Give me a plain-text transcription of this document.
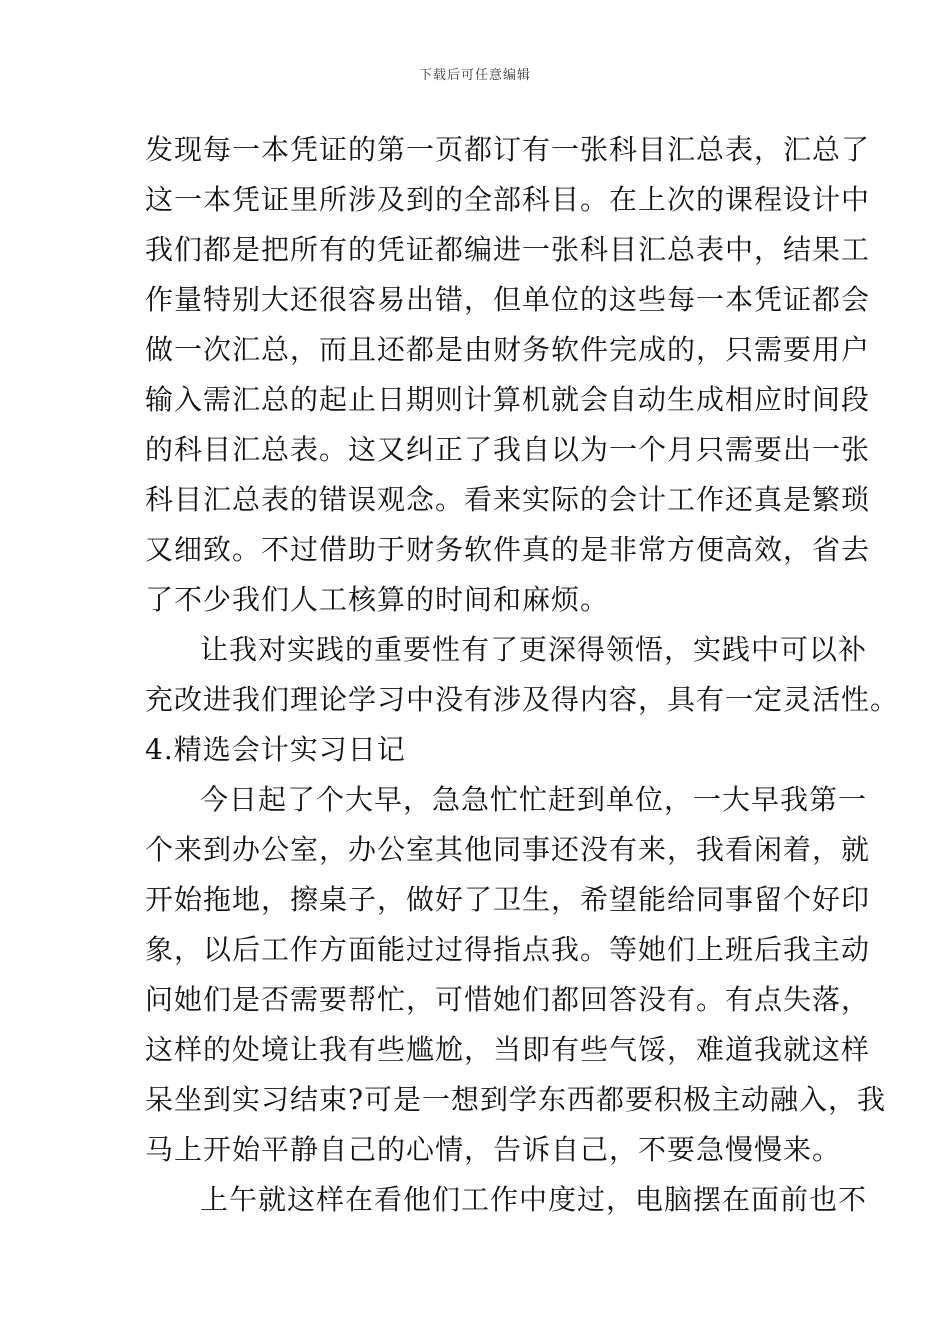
下载后可任意编辑
发现每一本凭证的第一页都订有一张科目汇总表，汇总了
这一本凭证里所涉及到的全部科目。在上次的课程设计中
我们都是把所有的凭证都编进一张科目汇总表中，结果工
作量特别大还很容易出错，但单位的这些每一本凭证都会
做一次汇总，而且还都是由财务软件完成的，只需要用户
输入需汇总的起止日期则计算机就会自动生成相应时间段
的科目汇总表。这又纠正了我自以为一个月只需要出一张
科目汇总表的错误观念。看来实际的会计工作还真是繁琐
又细致。不过借助于财务软件真的是非常方便高效，省去
了不少我们人工核算的时间和麻烦。
让我对实践的重要性有了更深得领悟，实践中可以补
充改进我们理论学习中没有涉及得内容，具有一定灵活性。
4.精选会计实习日记
今日起了个大早，急急忙忙赶到单位，一大早我第一
个来到办公室，办公室其他同事还没有来，我看闲着，就
开始拖地，擦桌子，做好了卫生，希望能给同事留个好印
象，以后工作方面能过过得指点我。等她们上班后我主动
问她们是否需要帮忙，可惜她们都回答没有。有点失落，
这样的处境让我有些尴尬，当即有些气馁，难道我就这样
呆坐到实习结束?可是一想到学东西都要积极主动融入，我
马上开始平静自己的心情，告诉自己，不要急慢慢来。
上午就这样在看他们工作中度过，电脑摆在面前也不
